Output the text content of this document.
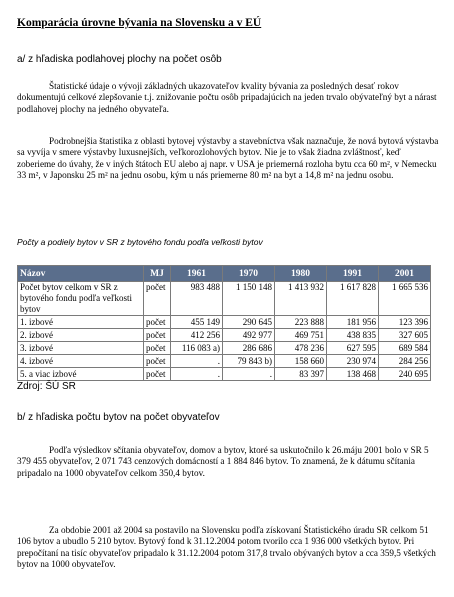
Komparácia úrovne bývania na Slovensku a v EÚ
a/ z hľadiska podlahovej plochy na počet osôb

Štatistické údaje o vývoji základných ukazovateľov kvality bývania za posledných desať rokov dokumentujú celkové zlepšovanie t.j. znižovanie počtu osôb pripadajúcich na jeden trvalo obývateľný byt a nárast podlahovej plochy na jedného obyvateľa.

Podrobnejšia štatistika z oblasti bytovej výstavby a stavebníctva však naznačuje, že nová bytová výstavba sa vyvíja v smere výstavby luxusnejších, veľkorozlohových bytov. Nie je to však žiadna zvláštnosť, keď zoberieme do úvahy, že v iných štátoch EU alebo aj napr. v USA je priemerná rozloha bytu cca 60 m², v Nemecku 33 m², v Japonsku 25 m² na jednu osobu, kým u nás priemerne 80 m² na byt a 14,8 m² na jednu osobu.

Počty a podiely bytov v SR z bytového fondu podľa veľkosti bytov
Názov	MJ	1961	1970	1980	1991	2001
Počet bytov celkom v SR z bytového fondu podľa veľkosti bytov	počet	983 488	1 150 148	1 413 932	1 617 828	1 665 536
1. izbové	počet	455 149	290 645	223 888	181 956	123 396
2. izbové	počet	412 256	492 977	469 751	438 835	327 605
3. izbové	počet	116 083 a)	286 686	478 236	627 595	689 584
4. izbové	počet	.	79 843 b)	158 660	230 974	284 256
5. a viac izbové	počet	.	.	83 397	138 468	240 695
Zdroj: ŠÚ SR
b/ z hľadiska počtu bytov na počet obyvateľov

Podľa výsledkov sčítania obyvateľov, domov a bytov, ktoré sa uskutočnilo k 26.máju 2001 bolo v SR 5 379 455 obyvateľov, 2 071 743 cenzových domácností a 1 884 846 bytov. To znamená, že k dátumu sčítania pripadalo na 1000 obyvateľov celkom 350,4 bytov.

Za obdobie 2001 až 2004 sa postavilo na Slovensku podľa získovaní Štatistického úradu SR celkom 51 106 bytov a ubudlo 5 210 bytov. Bytový fond k 31.12.2004 potom tvorilo cca 1 936 000 všetkých bytov. Pri prepočítaní na tisíc obyvateľov pripadalo k 31.12.2004 potom 317,8 trvalo obývaných bytov a cca 359,5 všetkých bytov na 1000 obyvateľov.
